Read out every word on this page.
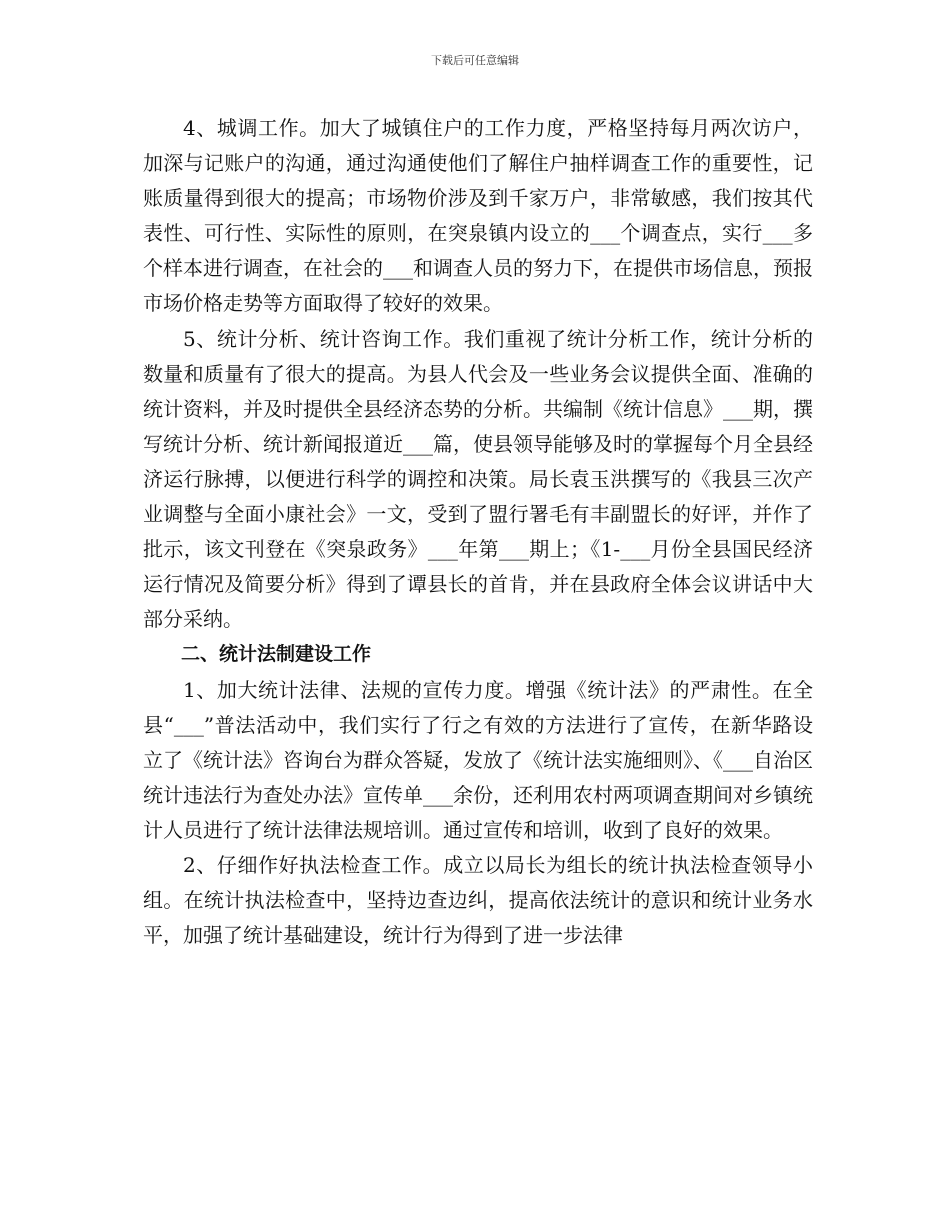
下载后可任意编辑

4、城调工作。加大了城镇住户的工作力度，严格坚持每月两次访户，加深与记账户的沟通，通过沟通使他们了解住户抽样调查工作的重要性，记账质量得到很大的提高；市场物价涉及到千家万户，非常敏感，我们按其代表性、可行性、实际性的原则，在突泉镇内设立的___个调查点，实行___多个样本进行调查，在社会的___和调查人员的努力下，在提供市场信息，预报市场价格走势等方面取得了较好的效果。

5、统计分析、统计咨询工作。我们重视了统计分析工作，统计分析的数量和质量有了很大的提高。为县人代会及一些业务会议提供全面、准确的统计资料，并及时提供全县经济态势的分析。共编制《统计信息》___期，撰写统计分析、统计新闻报道近___篇，使县领导能够及时的掌握每个月全县经济运行脉搏，以便进行科学的调控和决策。局长袁玉洪撰写的《我县三次产业调整与全面小康社会》一文，受到了盟行署毛有丰副盟长的好评，并作了批示，该文刊登在《突泉政务》___年第___期上；《1-___月份全县国民经济运行情况及简要分析》得到了谭县长的首肯，并在县政府全体会议讲话中大部分采纳。

二、统计法制建设工作

1、加大统计法律、法规的宣传力度。增强《统计法》的严肃性。在全县“___”普法活动中，我们实行了行之有效的方法进行了宣传，在新华路设立了《统计法》咨询台为群众答疑，发放了《统计法实施细则》、《___自治区统计违法行为查处办法》宣传单___余份，还利用农村两项调查期间对乡镇统计人员进行了统计法律法规培训。通过宣传和培训，收到了良好的效果。

2、仔细作好执法检查工作。成立以局长为组长的统计执法检查领导小组。在统计执法检查中，坚持边查边纠，提高依法统计的意识和统计业务水平，加强了统计基础建设，统计行为得到了进一步法律
